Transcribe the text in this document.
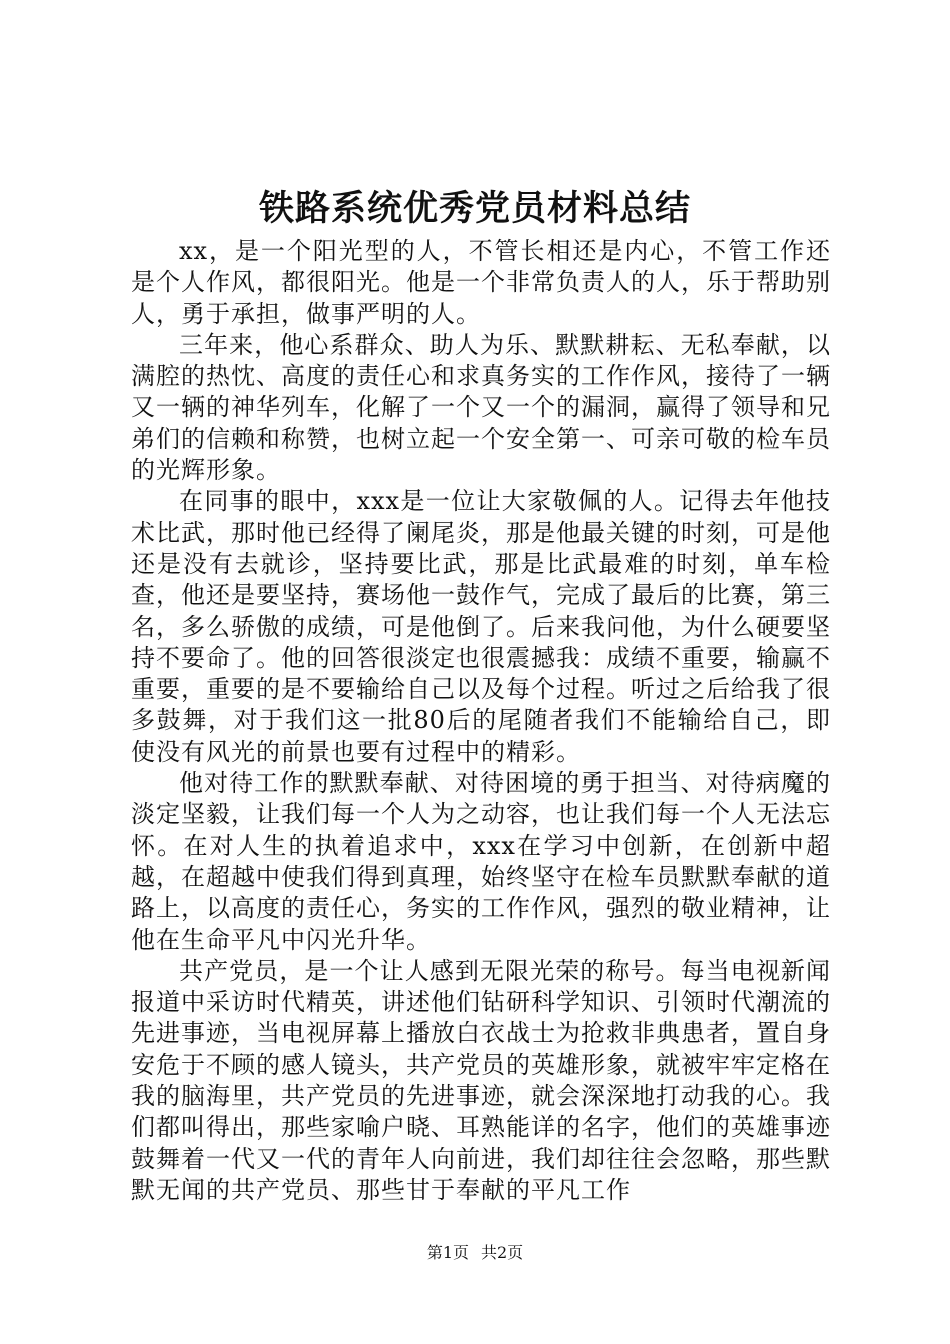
铁路系统优秀党员材料总结

xx，是一个阳光型的人，不管长相还是内心，不管工作还是个人作风，都很阳光。他是一个非常负责人的人，乐于帮助别人，勇于承担，做事严明的人。

三年来，他心系群众、助人为乐、默默耕耘、无私奉献，以满腔的热忱、高度的责任心和求真务实的工作作风，接待了一辆又一辆的神华列车，化解了一个又一个的漏洞，赢得了领导和兄弟们的信赖和称赞，也树立起一个安全第一、可亲可敬的检车员的光辉形象。

在同事的眼中，xxx是一位让大家敬佩的人。记得去年他技术比武，那时他已经得了阑尾炎，那是他最关键的时刻，可是他还是没有去就诊，坚持要比武，那是比武最难的时刻，单车检查，他还是要坚持，赛场他一鼓作气，完成了最后的比赛，第三名，多么骄傲的成绩，可是他倒了。后来我问他，为什么硬要坚持不要命了。他的回答很淡定也很震撼我：成绩不重要，输赢不重要，重要的是不要输给自己以及每个过程。听过之后给我了很多鼓舞，对于我们这一批80后的尾随者我们不能输给自己，即使没有风光的前景也要有过程中的精彩。

他对待工作的默默奉献、对待困境的勇于担当、对待病魔的淡定坚毅，让我们每一个人为之动容，也让我们每一个人无法忘怀。在对人生的执着追求中，xxx在学习中创新，在创新中超越，在超越中使我们得到真理，始终坚守在检车员默默奉献的道路上，以高度的责任心，务实的工作作风，强烈的敬业精神，让他在生命平凡中闪光升华。

共产党员，是一个让人感到无限光荣的称号。每当电视新闻报道中采访时代精英，讲述他们钻研科学知识、引领时代潮流的先进事迹，当电视屏幕上播放白衣战士为抢救非典患者，置自身安危于不顾的感人镜头，共产党员的英雄形象，就被牢牢定格在我的脑海里，共产党员的先进事迹，就会深深地打动我的心。我们都叫得出，那些家喻户晓、耳熟能详的名字，他们的英雄事迹鼓舞着一代又一代的青年人向前进，我们却往往会忽略，那些默默无闻的共产党员、那些甘于奉献的平凡工作

第1页 共2页
